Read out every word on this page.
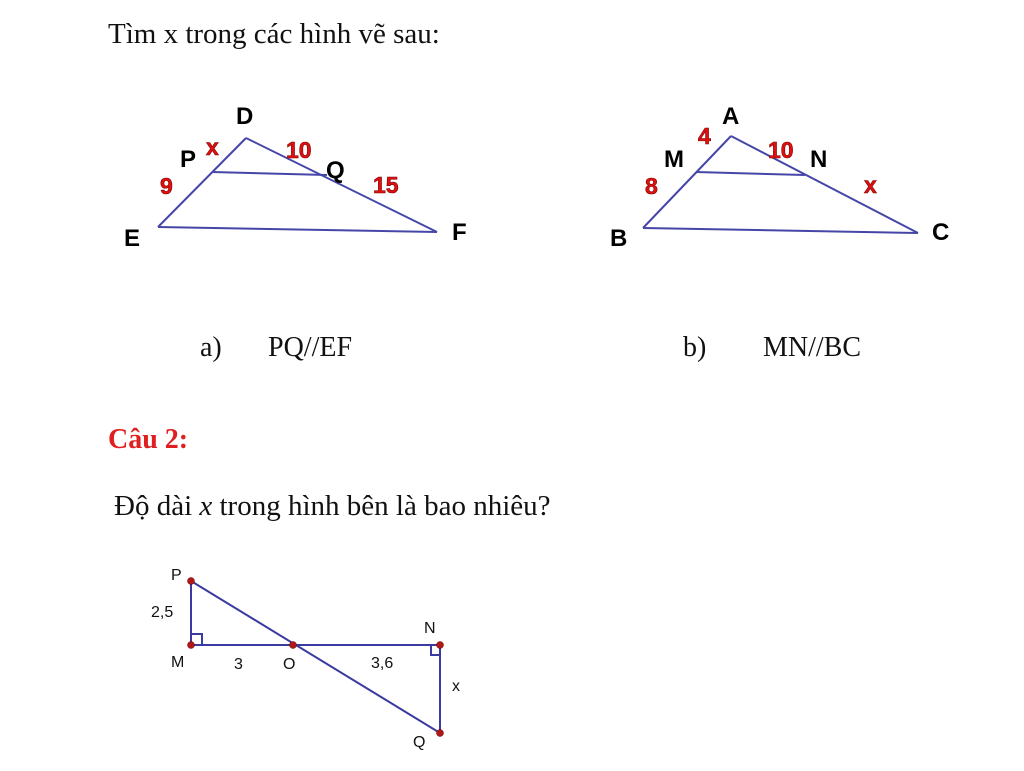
Tìm x trong các hình vẽ sau:
D
P	Q
E	F
x	10
9	15
A
M	N
B	C
4
10
8	x
P
M	O
N
Q
2,5
3	3,6
x
a) PQ//EF	b) MN//BC
Câu 2:
Độ dài x trong hình bên là bao nhiêu?
